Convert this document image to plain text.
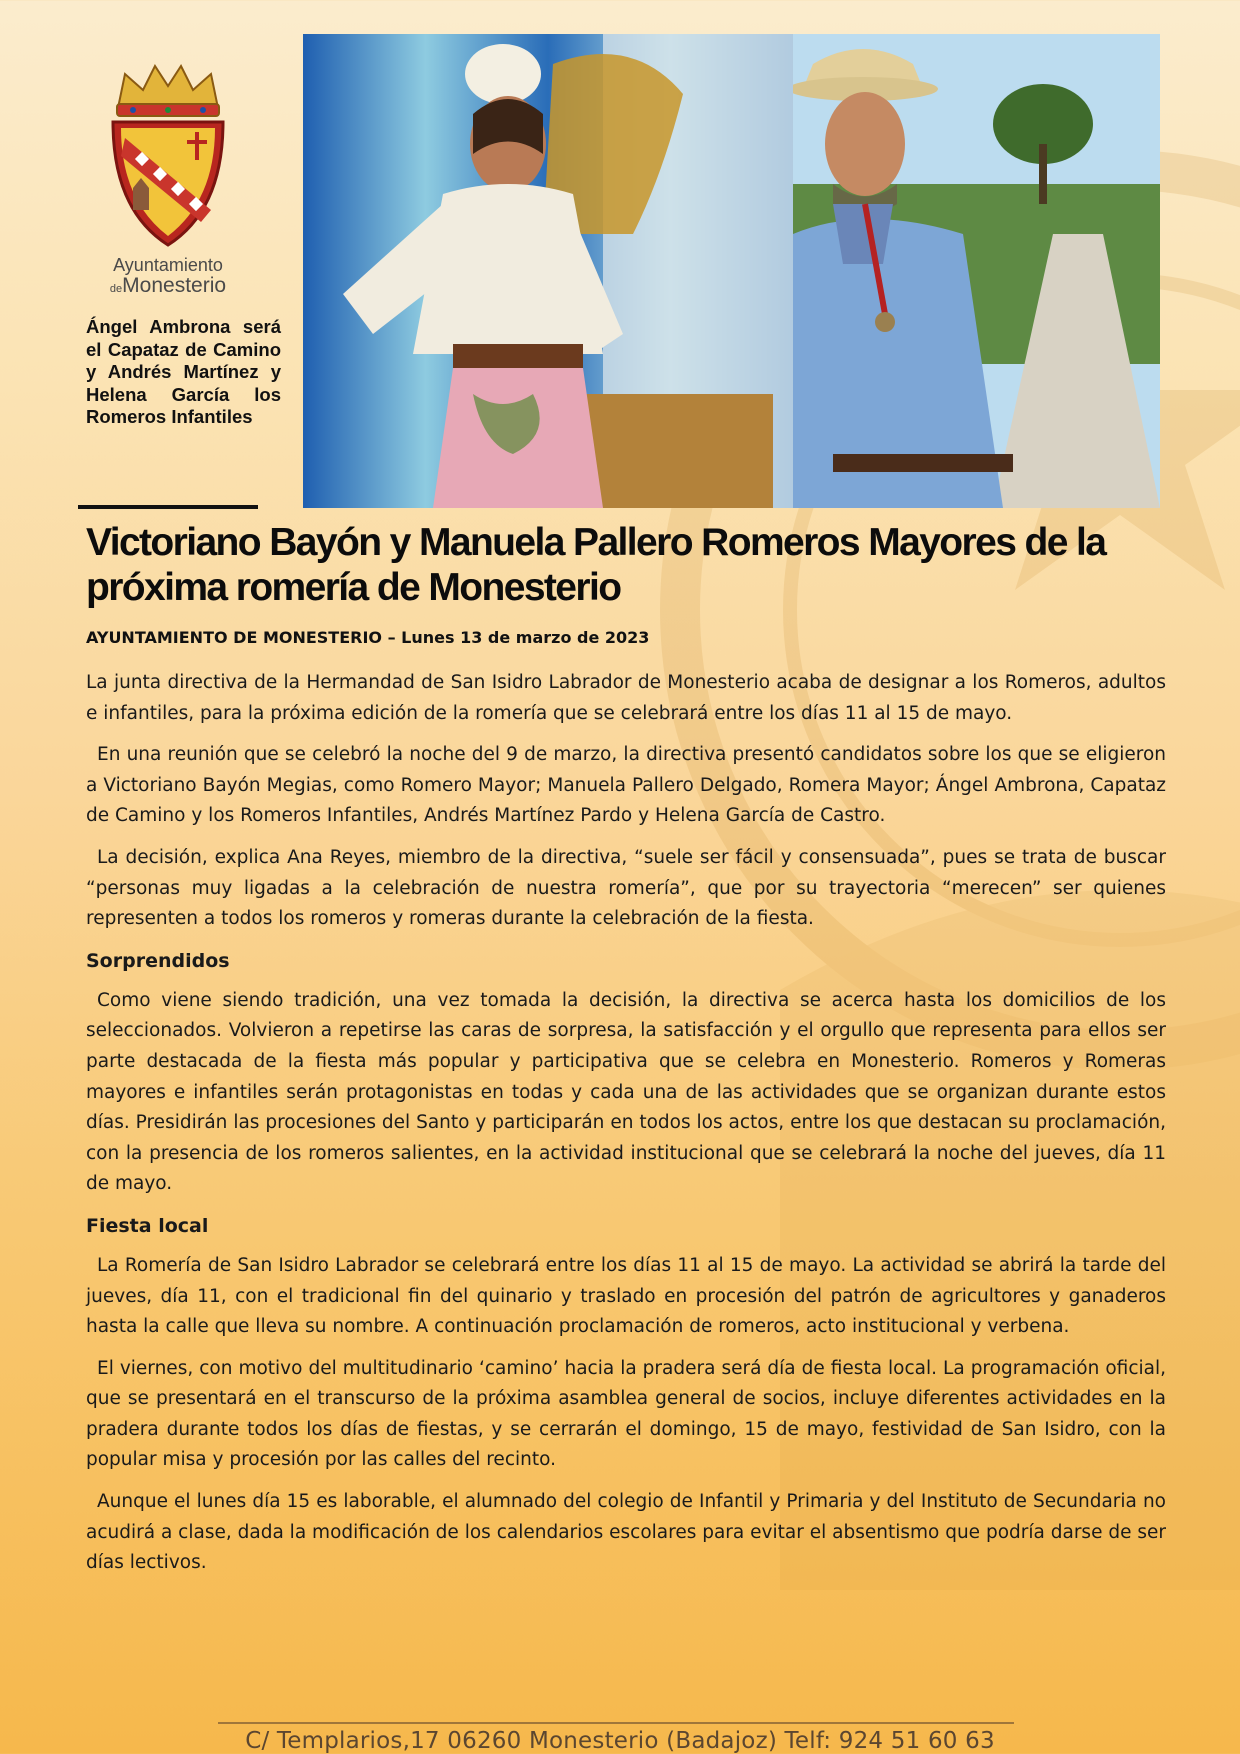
Ayuntamiento
deMonesterio
Ángel Ambrona será el Capataz de Camino y Andrés Martínez y Helena García los Romeros Infantiles
Victoriano Bayón y Manuela Pallero Romeros Mayores de la próxima romería de Monesterio
AYUNTAMIENTO DE MONESTERIO – Lunes 13 de marzo de 2023

La junta directiva de la Hermandad de San Isidro Labrador de Monesterio acaba de designar a los Romeros, adultos e infantiles, para la próxima edición de la romería que se celebrará entre los días 11 al 15 de mayo.

En una reunión que se celebró la noche del 9 de marzo, la directiva presentó candidatos sobre los que se eligieron a Victoriano Bayón Megias, como Romero Mayor; Manuela Pallero Delgado, Romera Mayor; Ángel Ambrona, Capataz de Camino y los Romeros Infantiles, Andrés Martínez Pardo y Helena García de Castro.

La decisión, explica Ana Reyes, miembro de la directiva, “suele ser fácil y consensuada”, pues se trata de buscar “personas muy ligadas a la celebración de nuestra romería”, que por su trayectoria “merecen” ser quienes representen a todos los romeros y romeras durante la celebración de la fiesta.

Sorprendidos

Como viene siendo tradición, una vez tomada la decisión, la directiva se acerca hasta los domicilios de los seleccionados. Volvieron a repetirse las caras de sorpresa, la satisfacción y el orgullo que representa para ellos ser parte destacada de la fiesta más popular y participativa que se celebra en Monesterio. Romeros y Romeras mayores e infantiles serán protagonistas en todas y cada una de las actividades que se organizan durante estos días. Presidirán las procesiones del Santo y participarán en todos los actos, entre los que destacan su proclamación, con la presencia de los romeros salientes, en la actividad institucional que se celebrará la noche del jueves, día 11 de mayo.

Fiesta local

La Romería de San Isidro Labrador se celebrará entre los días 11 al 15 de mayo. La actividad se abrirá la tarde del jueves, día 11, con el tradicional fin del quinario y traslado en procesión del patrón de agricultores y ganaderos hasta la calle que lleva su nombre. A continuación proclamación de romeros, acto institucional y verbena.

El viernes, con motivo del multitudinario ‘camino’ hacia la pradera será día de fiesta local. La programación oficial, que se presentará en el transcurso de la próxima asamblea general de socios, incluye diferentes actividades en la pradera durante todos los días de fiestas, y se cerrarán el domingo, 15 de mayo, festividad de San Isidro, con la popular misa y procesión por las calles del recinto.

Aunque el lunes día 15 es laborable, el alumnado del colegio de Infantil y Primaria y del Instituto de Secundaria no acudirá a clase, dada la modificación de los calendarios escolares para evitar el absentismo que podría darse de ser días lectivos.

C/ Templarios,17 06260 Monesterio (Badajoz) Telf: 924 51 60 63
